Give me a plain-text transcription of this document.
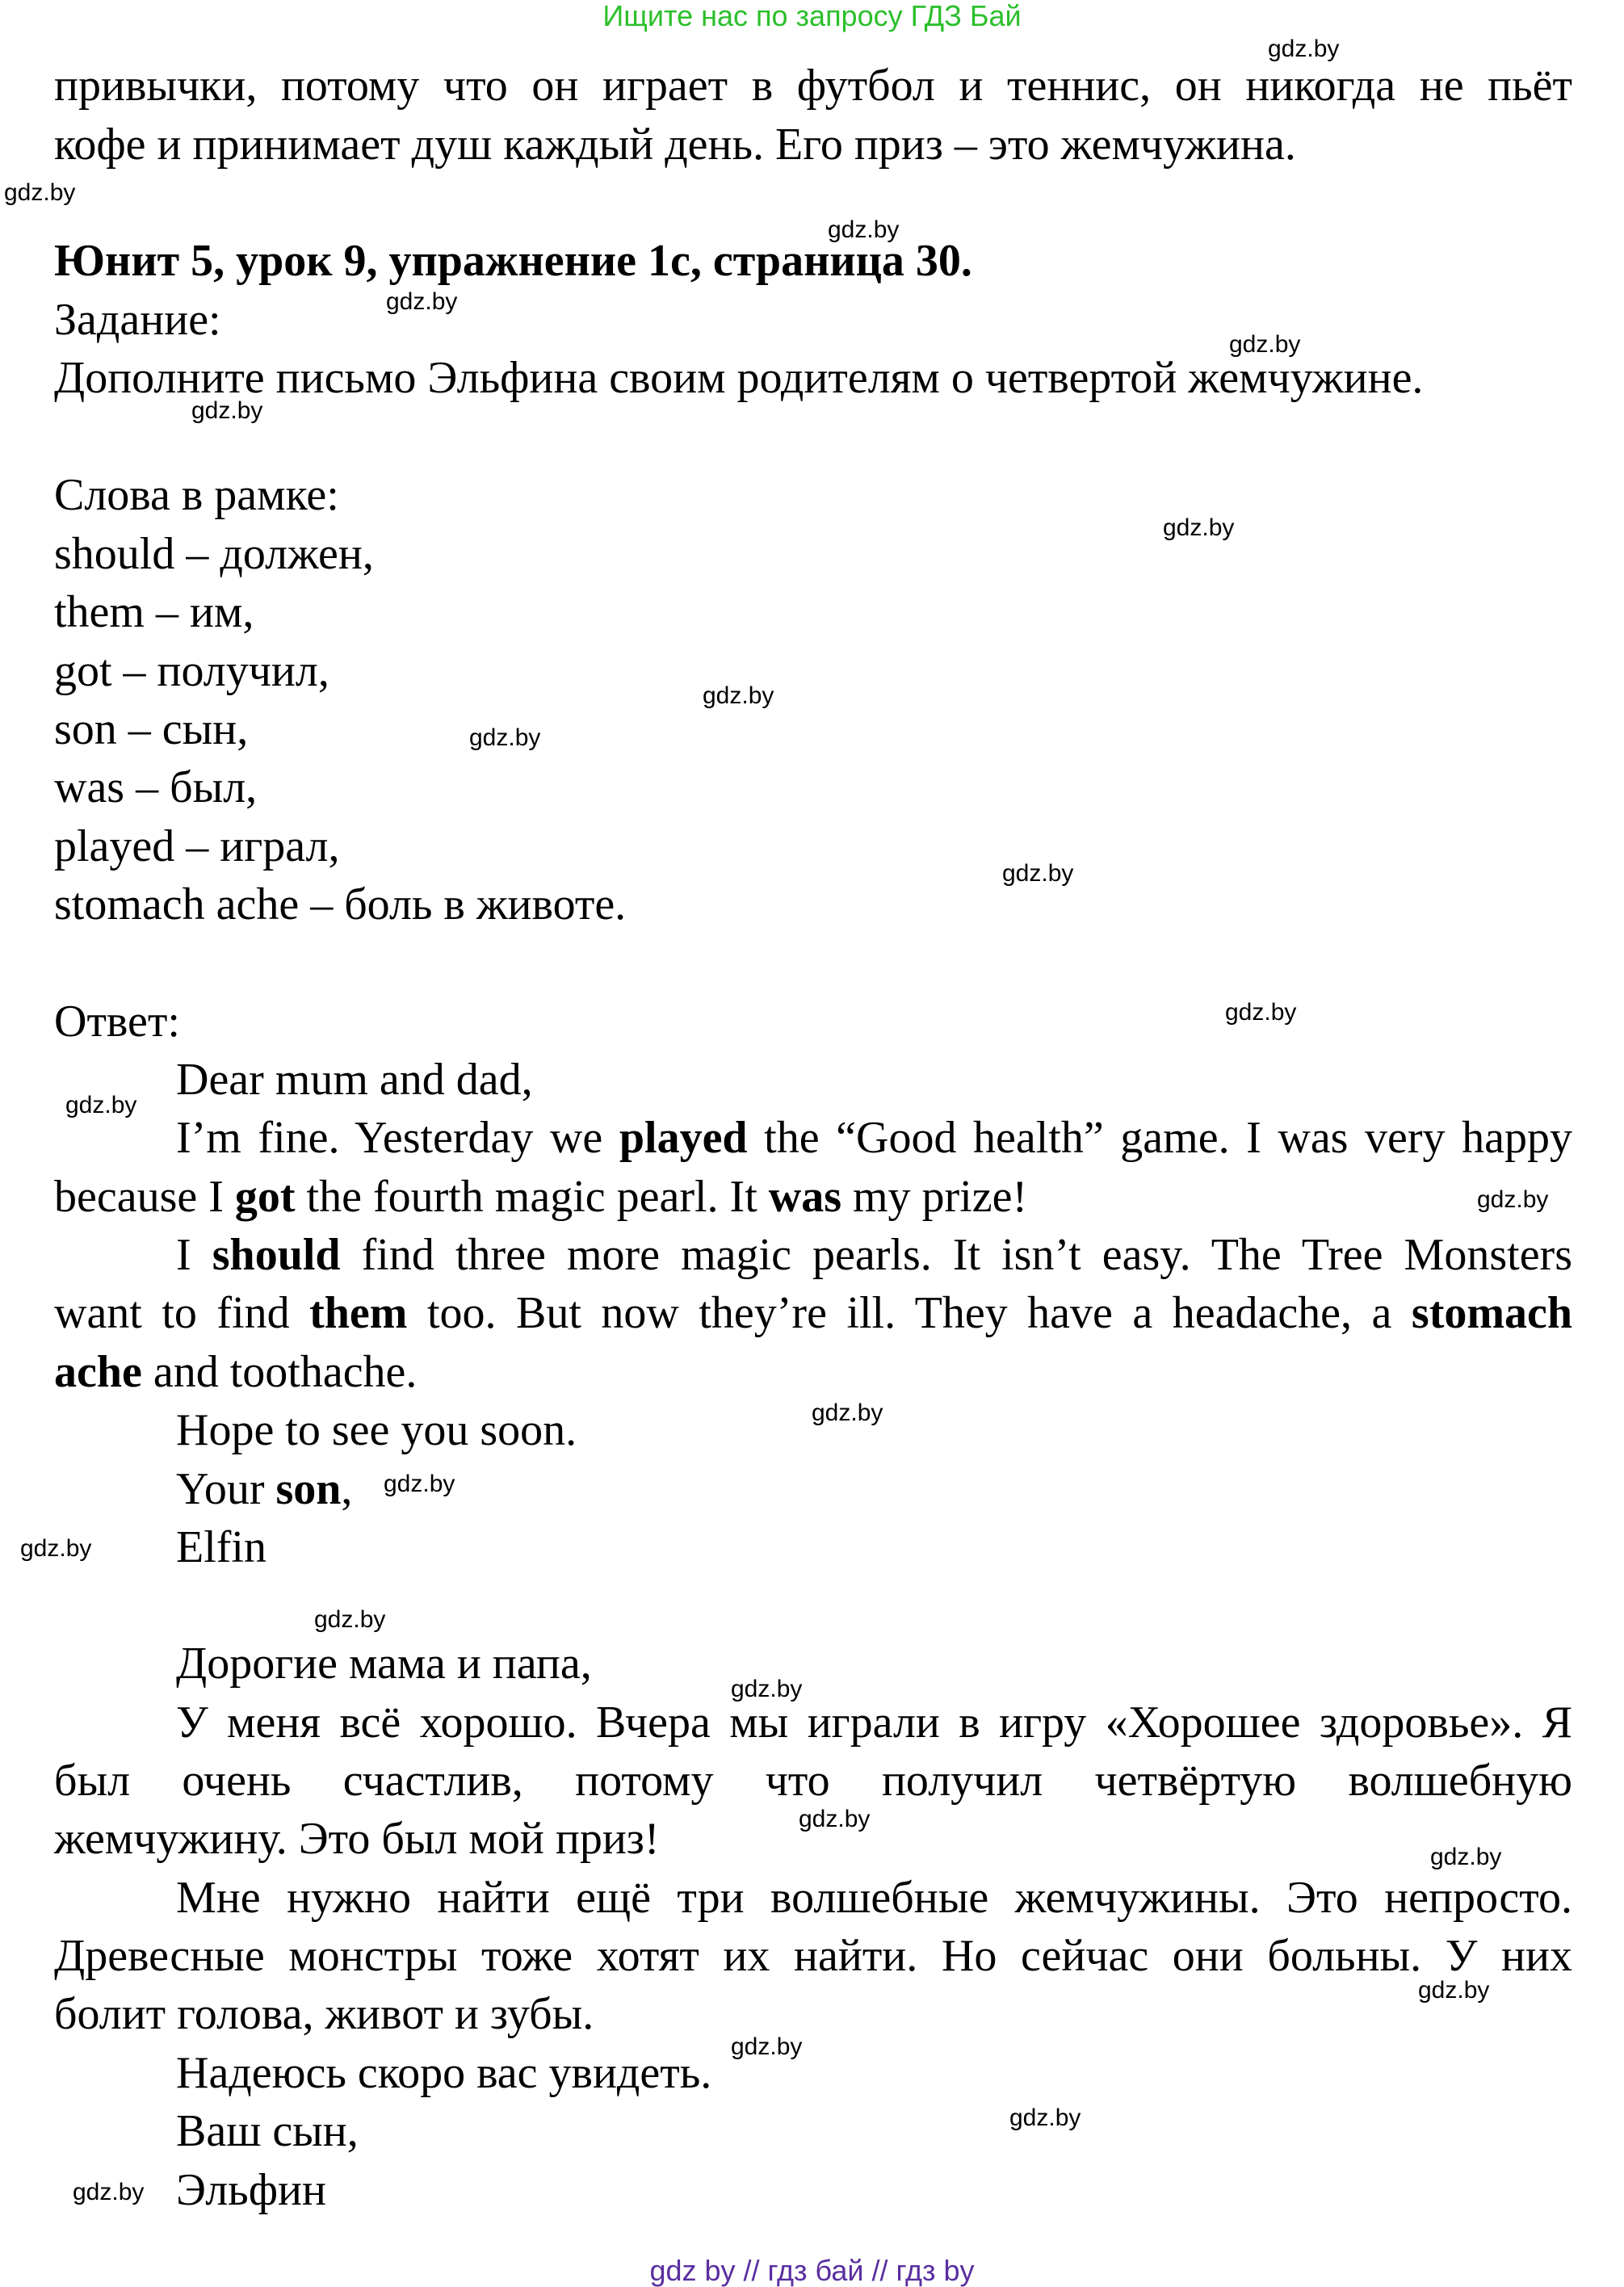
Ищите нас по запросу ГДЗ Бай
привычки, потому что он играет в футбол и теннис, он никогда не пьёт
кофе и принимает душ каждый день. Его приз – это жемчужина.
Юнит 5, урок 9, упражнение 1с, страница 30.
Задание:
Дополните письмо Эльфина своим родителям о четвертой жемчужине.
Слова в рамке:
should – должен,
them – им,
got – получил,
son – сын,
was – был,
played – играл,
stomach ache – боль в животе.
Ответ:
Dear mum and dad,
I’m fine. Yesterday we played the “Good health” game. I was very happy
because I got the fourth magic pearl. It was my prize!
I should find three more magic pearls. It isn’t easy. The Tree Monsters
want to find them too. But now they’re ill. They have a headache, a stomach
ache and toothache.
Hope to see you soon.
Your son,
Elfin
Дорогие мама и папа,
У меня всё хорошо. Вчера мы играли в игру «Хорошее здоровье». Я
был очень счастлив, потому что получил четвёртую волшебную
жемчужину. Это был мой приз!
Мне нужно найти ещё три волшебные жемчужины. Это непросто.
Древесные монстры тоже хотят их найти. Но сейчас они больны. У них
болит голова, живот и зубы.
Надеюсь скоро вас увидеть.
Ваш сын,
Эльфин
gdz.by
gdz.by
gdz.by
gdz.by
gdz.by
gdz.by
gdz.by
gdz.by
gdz.by
gdz.by
gdz.by
gdz.by
gdz.by
gdz.by
gdz.by
gdz.by
gdz.by
gdz.by
gdz.by
gdz.by
gdz.by
gdz.by
gdz.by
gdz.by
gdz by // гдз бай // гдз by
